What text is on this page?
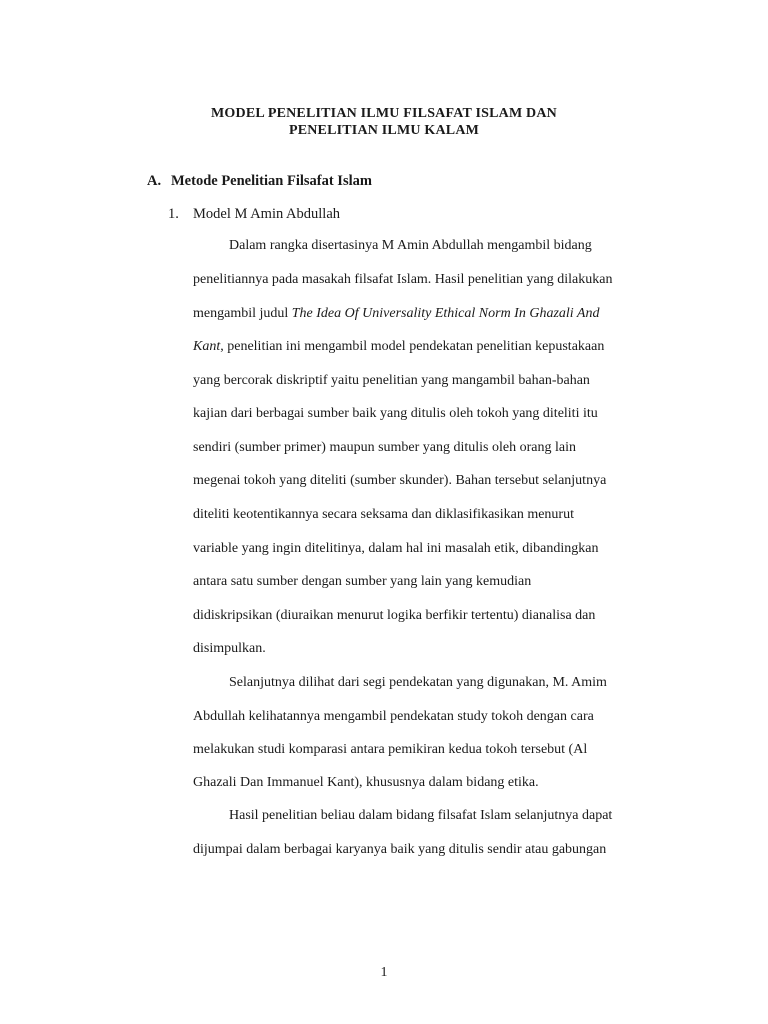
MODEL PENELITIAN ILMU FILSAFAT ISLAM DAN
PENELITIAN ILMU KALAM
A. Metode Penelitian Filsafat Islam
1. Model M Amin Abdullah
Dalam rangka disertasinya M Amin Abdullah mengambil bidang
penelitiannya pada masakah filsafat Islam. Hasil penelitian yang dilakukan
mengambil judul The Idea Of Universality Ethical Norm In Ghazali And
Kant, penelitian ini mengambil model pendekatan penelitian kepustakaan
yang bercorak diskriptif yaitu penelitian yang mangambil bahan-bahan
kajian dari berbagai sumber baik yang ditulis oleh tokoh yang diteliti itu
sendiri (sumber primer) maupun sumber yang ditulis oleh orang lain
megenai tokoh yang diteliti (sumber skunder). Bahan tersebut selanjutnya
diteliti keotentikannya secara seksama dan diklasifikasikan menurut
variable yang ingin ditelitinya, dalam hal ini masalah etik, dibandingkan
antara satu sumber dengan sumber yang lain yang kemudian
didiskripsikan (diuraikan menurut logika berfikir tertentu) dianalisa dan
disimpulkan.
Selanjutnya dilihat dari segi pendekatan yang digunakan, M. Amim
Abdullah kelihatannya mengambil pendekatan study tokoh dengan cara
melakukan studi komparasi antara pemikiran kedua tokoh tersebut (Al
Ghazali Dan Immanuel Kant), khususnya dalam bidang etika.
Hasil penelitian beliau dalam bidang filsafat Islam selanjutnya dapat
dijumpai dalam berbagai karyanya baik yang ditulis sendir atau gabungan
1
